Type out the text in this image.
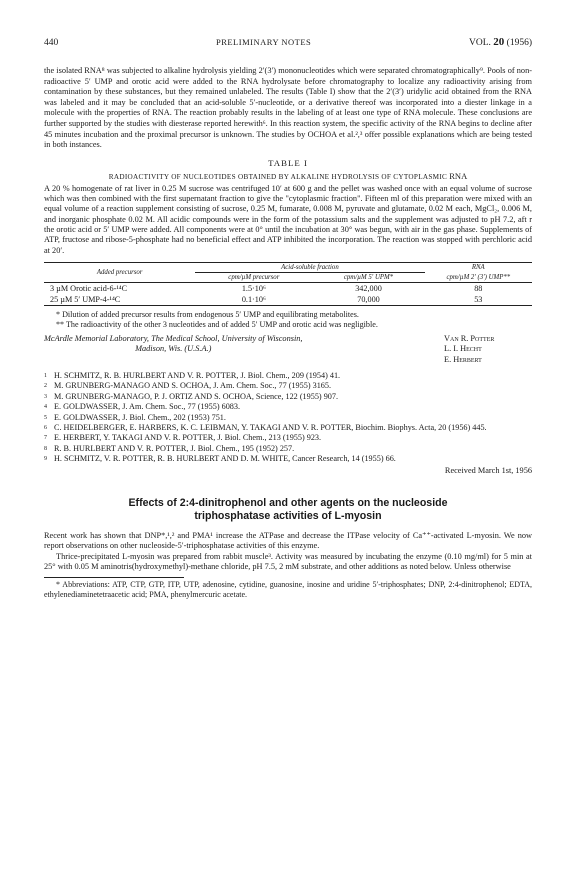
440	PRELIMINARY NOTES	VOL. 20 (1956)

the isolated RNA⁸ was subjected to alkaline hydrolysis yielding 2′(3′) mononucleotides which were separated chromatographically⁹. Pools of non-radioactive 5′ UMP and orotic acid were added to the RNA hydrolysate before chromatography to localize any radioactivity arising from contamination by these substances, but they remained unlabeled. The results (Table I) show that the 2′(3′) uridylic acid obtained from the RNA was labeled and it may be concluded that an acid-soluble 5′-nucleotide, or a derivative thereof was incorporated into a diester linkage in a molecule with the properties of RNA. The reaction probably results in the labeling of at least one type of RNA molecule. These conclusions are further supported by the studies with diesterase reported herewith⁶. In this reaction system, the specific activity of the RNA begins to decline after 45 minutes incubation and the proximal precursor is unknown. The studies by OCHOA et al.²,³ offer possible explanations which are being tested in both instances.

TABLE I
RADIOACTIVITY OF NUCLEOTIDES OBTAINED BY ALKALINE HYDROLYSIS OF CYTOPLASMIC RNA

A 20 % homogenate of rat liver in 0.25 M sucrose was centrifuged 10′ at 600 g and the pellet was washed once with an equal volume of sucrose which was then combined with the first supernatant fraction to give the "cytoplasmic fraction". Fifteen ml of this preparation were mixed with an equal volume of a reaction supplement consisting of sucrose, 0.25 M, fumarate, 0.008 M, pyruvate and glutamate, 0.02 M each, MgCl₂, 0.006 M, and inorganic phosphate 0.02 M. All acidic compounds were in the form of the potassium salts and the supplement was adjusted to pH 7.2, aft r the orotic acid or 5′ UMP were added. All components were at 0° until the incubation at 30° was begun, with air in the gas phase. Supplements of ATP, fructose and ribose-5-phosphate had no beneficial effect and ATP inhibited the incorporation. The reaction was stopped with perchloric acid at 20′.

Added precursor	Acid-soluble fraction		RNA
	cpm/µM precursor	cpm/µM 5′ UPM*	cpm/µM 2′ (3′) UMP**
3 µM Orotic acid-6-¹⁴C	1.5·10⁶	342,000	88
25 µM 5′ UMP-4-¹⁴C	0.1·10⁶	70,000	53
* Dilution of added precursor results from endogenous 5′ UMP and equilibrating metabolites.
** The radioactivity of the other 3 nucleotides and of added 5′ UMP and orotic acid was negligible.
McArdle Memorial Laboratory, The Medical School, University of Wisconsin,
Madison, Wis. (U.S.A.)
Van R. Potter
L. I. Hecht
E. Herbert
1 H. SCHMITZ, R. B. HURLBERT AND V. R. POTTER, J. Biol. Chem., 209 (1954) 41.
2 M. GRUNBERG-MANAGO AND S. OCHOA, J. Am. Chem. Soc., 77 (1955) 3165.
3 M. GRUNBERG-MANAGO, P. J. ORTIZ AND S. OCHOA, Science, 122 (1955) 907.
4 E. GOLDWASSER, J. Am. Chem. Soc., 77 (1955) 6083.
5 E. GOLDWASSER, J. Biol. Chem., 202 (1953) 751.
6 C. HEIDELBERGER, E. HARBERS, K. C. LEIBMAN, Y. TAKAGI AND V. R. POTTER, Biochim. Biophys. Acta, 20 (1956) 445.
7 E. HERBERT, Y. TAKAGI AND V. R. POTTER, J. Biol. Chem., 213 (1955) 923.
8 R. B. HURLBERT AND V. R. POTTER, J. Biol. Chem., 195 (1952) 257.
9 H. SCHMITZ, V. R. POTTER, R. B. HURLBERT AND D. M. WHITE, Cancer Research, 14 (1955) 66.
Received March 1st, 1956
Effects of 2:4-dinitrophenol and other agents on the nucleoside
triphosphatase activities of L-myosin

Recent work has shown that DNP*,¹,² and PMA¹ increase the ATPase and decrease the ITPase velocity of Ca⁺⁺-activated L-myosin. We now report observations on other nucleoside-5′-triphosphatase activities of this enzyme.

Thrice-precipitated L-myosin was prepared from rabbit muscle³. Activity was measured by incubating the enzyme (0.10 mg/ml) for 5 min at 25° with 0.05 M aminotris(hydroxymethyl)-methane chloride, pH 7.5, 2 mM substrate, and other additions as noted below. Unless otherwise

* Abbreviations: ATP, CTP, GTP, ITP, UTP, adenosine, cytidine, guanosine, inosine and uridine 5′-triphosphates; DNP, 2:4-dinitrophenol; EDTA, ethylenediaminetetraacetic acid; PMA, phenylmercuric acetate.
